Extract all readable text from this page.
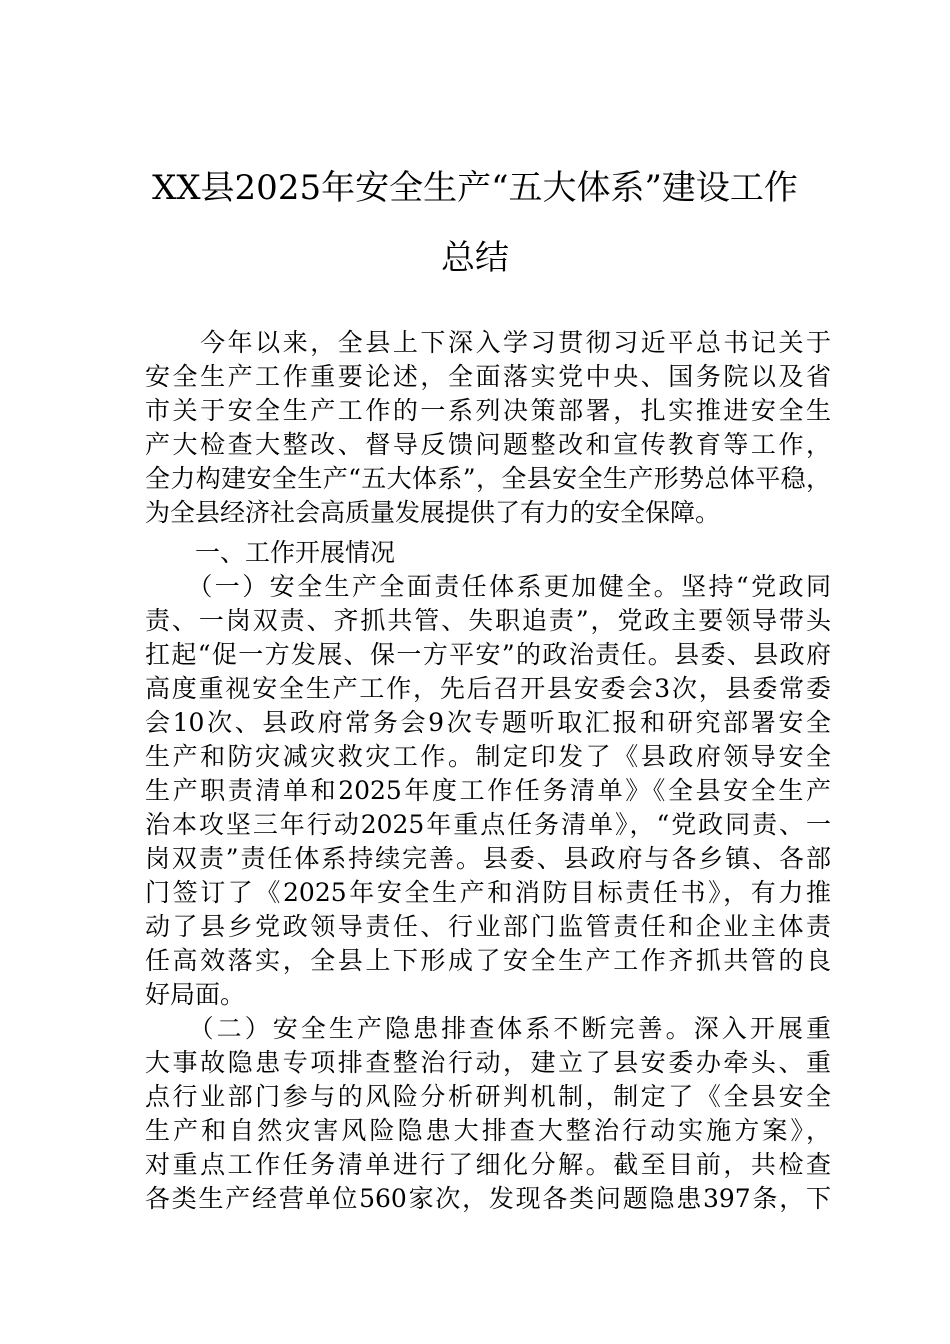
XX县2025年安全生产“五大体系”建设工作
总结
　　今年以来，全县上下深入学习贯彻习近平总书记关于
安全生产工作重要论述，全面落实党中央、国务院以及省
市关于安全生产工作的一系列决策部署，扎实推进安全生
产大检查大整改、督导反馈问题整改和宣传教育等工作，
全力构建安全生产“五大体系”，全县安全生产形势总体平稳，
为全县经济社会高质量发展提供了有力的安全保障。
　　一、工作开展情况
　　（一）安全生产全面责任体系更加健全。坚持“党政同
责、一岗双责、齐抓共管、失职追责”，党政主要领导带头
扛起“促一方发展、保一方平安”的政治责任。县委、县政府
高度重视安全生产工作，先后召开县安委会3次，县委常委
会10次、县政府常务会9次专题听取汇报和研究部署安全
生产和防灾减灾救灾工作。制定印发了《县政府领导安全
生产职责清单和2025年度工作任务清单》《全县安全生产
治本攻坚三年行动2025年重点任务清单》，“党政同责、一
岗双责”责任体系持续完善。县委、县政府与各乡镇、各部
门签订了《2025年安全生产和消防目标责任书》，有力推
动了县乡党政领导责任、行业部门监管责任和企业主体责
任高效落实，全县上下形成了安全生产工作齐抓共管的良
好局面。
　　（二）安全生产隐患排查体系不断完善。深入开展重
大事故隐患专项排查整治行动，建立了县安委办牵头、重
点行业部门参与的风险分析研判机制，制定了《全县安全
生产和自然灾害风险隐患大排查大整治行动实施方案》，
对重点工作任务清单进行了细化分解。截至目前，共检查
各类生产经营单位560家次，发现各类问题隐患397条，下
